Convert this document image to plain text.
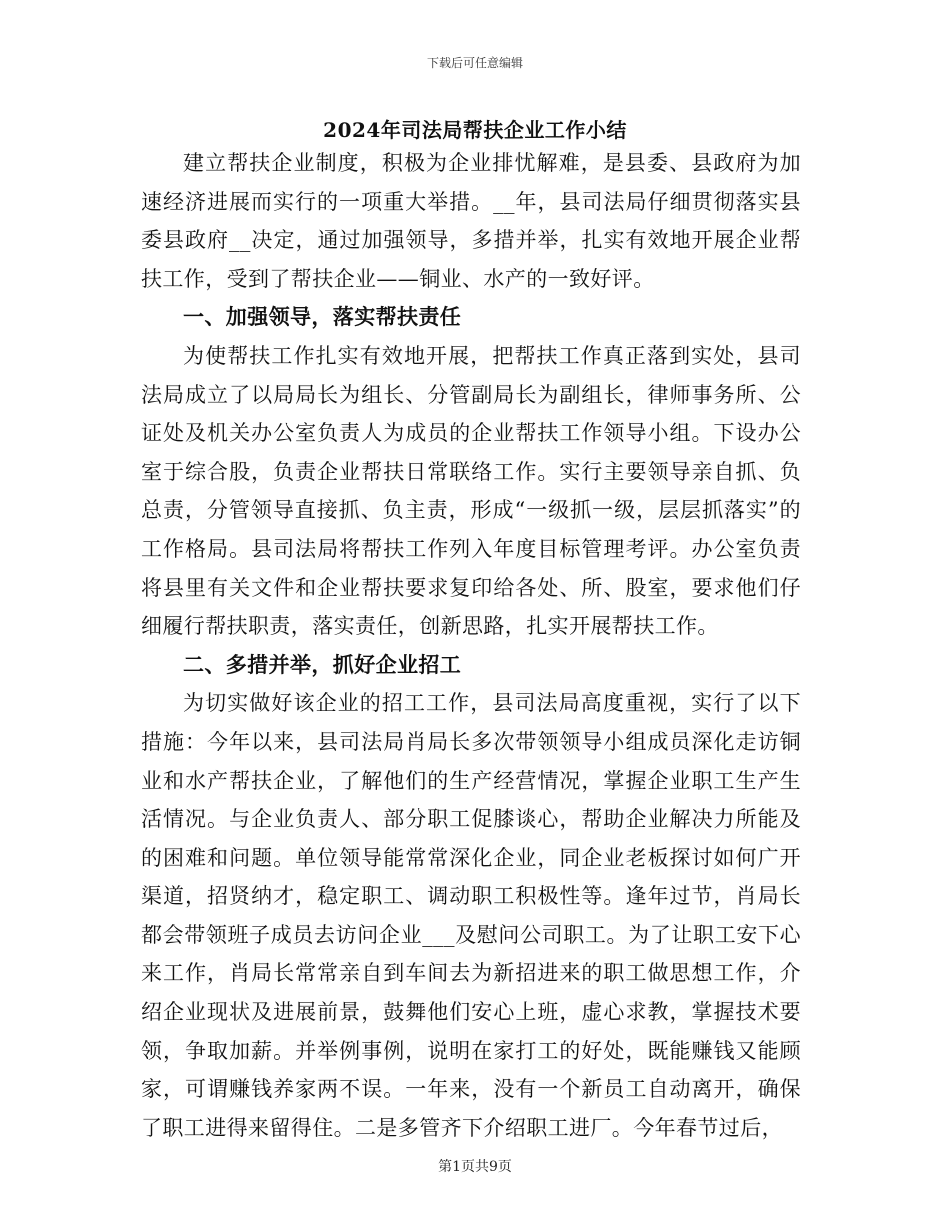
下载后可任意编辑
2024年司法局帮扶企业工作小结

建立帮扶企业制度，积极为企业排忧解难，是县委、县政府为加速经济进展而实行的一项重大举措。__年，县司法局仔细贯彻落实县委县政府__决定，通过加强领导，多措并举，扎实有效地开展企业帮扶工作，受到了帮扶企业——铜业、水产的一致好评。

一、加强领导，落实帮扶责任

为使帮扶工作扎实有效地开展，把帮扶工作真正落到实处，县司法局成立了以局局长为组长、分管副局长为副组长，律师事务所、公证处及机关办公室负责人为成员的企业帮扶工作领导小组。下设办公室于综合股，负责企业帮扶日常联络工作。实行主要领导亲自抓、负总责，分管领导直接抓、负主责，形成“一级抓一级，层层抓落实”的工作格局。县司法局将帮扶工作列入年度目标管理考评。办公室负责将县里有关文件和企业帮扶要求复印给各处、所、股室，要求他们仔细履行帮扶职责，落实责任，创新思路，扎实开展帮扶工作。

二、多措并举，抓好企业招工

为切实做好该企业的招工工作，县司法局高度重视，实行了以下措施：今年以来，县司法局肖局长多次带领领导小组成员深化走访铜业和水产帮扶企业，了解他们的生产经营情况，掌握企业职工生产生活情况。与企业负责人、部分职工促膝谈心，帮助企业解决力所能及的困难和问题。单位领导能常常深化企业，同企业老板探讨如何广开渠道，招贤纳才，稳定职工、调动职工积极性等。逢年过节，肖局长都会带领班子成员去访问企业___及慰问公司职工。为了让职工安下心来工作，肖局长常常亲自到车间去为新招进来的职工做思想工作，介绍企业现状及进展前景，鼓舞他们安心上班，虚心求教，掌握技术要领，争取加薪。并举例事例，说明在家打工的好处，既能赚钱又能顾家，可谓赚钱养家两不误。一年来，没有一个新员工自动离开，确保了职工进得来留得住。二是多管齐下介绍职工进厂。今年春节过后，

第1页共9页
